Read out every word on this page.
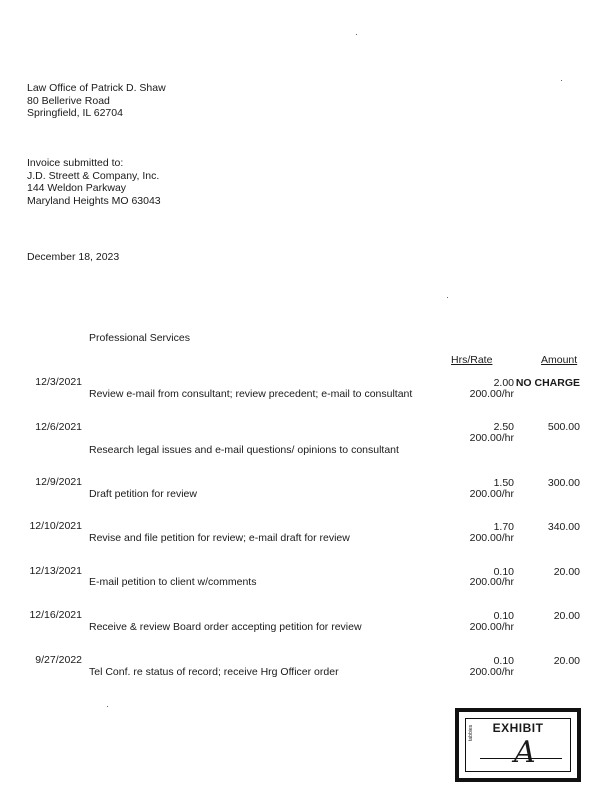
Law Office of Patrick D. Shaw
80 Bellerive Road
Springfield, IL 62704
Invoice submitted to:
J.D. Streett & Company, Inc.
144 Weldon Parkway
Maryland Heights MO 63043
December 18, 2023
Professional Services
Hrs/Rate	Amount
12/3/2021
Review e-mail from consultant; review precedent; e-mail to consultant
2.00
200.00/hr
NO CHARGE
12/6/2021
Research legal issues and e-mail questions/ opinions to consultant
2.50
200.00/hr
500.00
12/9/2021
Draft petition for review
1.50
200.00/hr
300.00
12/10/2021
Revise and file petition for review; e-mail draft for review
1.70
200.00/hr
340.00
12/13/2021
E-mail petition to client w/comments
0.10
200.00/hr
20.00
12/16/2021
Receive & review Board order accepting petition for review
0.10
200.00/hr
20.00
9/27/2022
Tel Conf. re status of record; receive Hrg Officer order
0.10
200.00/hr
20.00
EXHIBIT
tabbies
A
